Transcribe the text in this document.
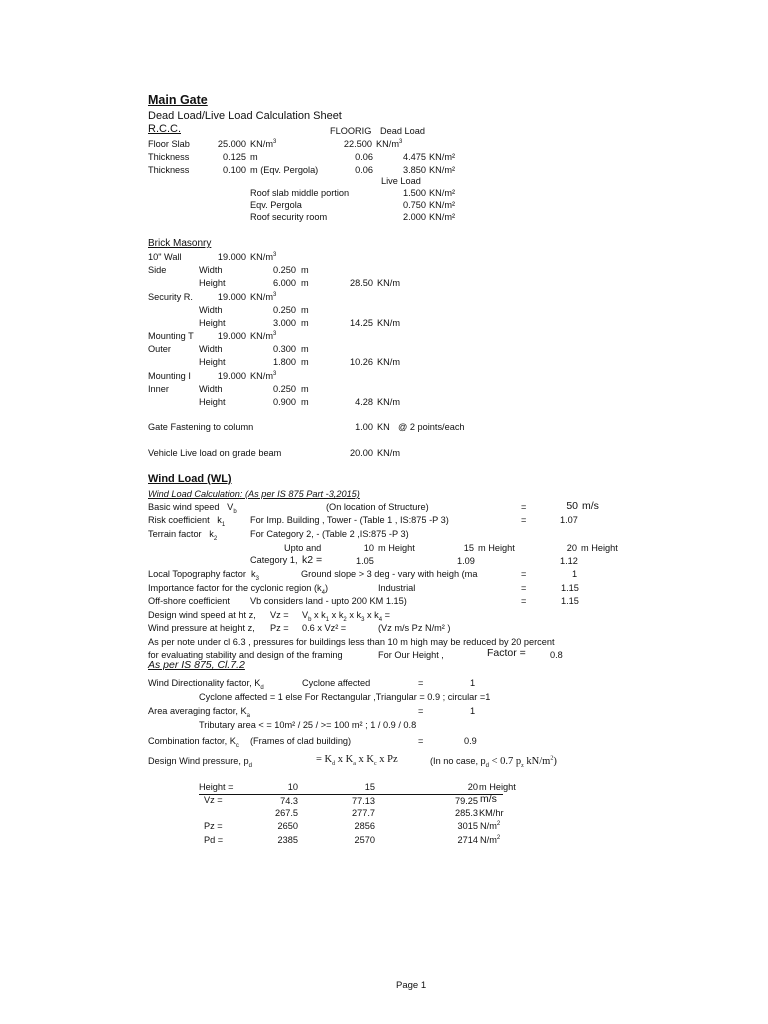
Main Gate
Dead Load/Live Load Calculation Sheet
R.C.C.	FLOORIG Dead Load
Floor Slab	25.000 $KN/m^3$	22.500 $KN/m^3$
Thickness	0.125 m	0.06	4.475 KN/m²
Thickness	0.100 m (Eqv. Pergola)	0.06	3.850 KN/m²
Live Load
Roof slab middle portion	1.500 KN/m²
Eqv. Pergola	0.750 KN/m²
Roof security room	2.000 KN/m²
Brick Masonry
10" Wall	19.000 $KN/m^3$
Side	Width	0.250 m
Height	6.000 m	28.50 KN/m
Security R.	19.000 $KN/m^3$
Width	0.250 m
Height	3.000 m	14.25 KN/m
Mounting T	19.000 $KN/m^3$
Outer	Width	0.300 m
Height	1.800 m	10.26 KN/m
Mounting I	19.000 $KN/m^3$
Inner	Width	0.250 m
Height	0.900 m	4.28 KN/m
Gate Fastening to column	1.00 KN @ 2 points/each
Vehicle Live load on grade beam	20.00 KN/m
Wind Load (WL)
Wind Load Calculation: (As per IS 875 Part -3,2015)
Basic wind speed $V_b$	(On location of Structure)	=	50 m/s
Risk coefficient $k_1$	For Imp. Building , Tower - (Table 1 , IS:875 -P 3)	=	1.07
Terrain factor $k_2$	For Category 2, - (Table 2 ,IS:875 -P 3)
Upto and	10 m Height	15 m Height	20 m Height
Category 1, k2 =	1.05	1.09	1.12
Local Topography factor $k_3$	Ground slope > 3 deg - vary with heigh (ma	=	1
Importance factor for the cyclonic region $(k_4)$	Industrial	=	1.15
Off-shore coefficient Vb considers land - upto 200 KM 1.15)	=	1.15
Design wind speed at ht z, $Vz = V_b$ x $k_1$ x $k_2$ x $k_3$ x $k_4$ =
Wind pressure at height z, Pz = 0.6 x Vz² =	(Vz m/s Pz N/m² )
As per note under cl 6.3 , pressures for buildings less than 10 m high may be reduced by 20 percent
for evaluating stability and design of the framing	For Our Height ,	Factor =	0.8
As per IS 875, Cl.7.2
Wind Directionality factor, $K_d$	Cyclone affected	=	1
Cyclone affected = 1 else For Rectangular ,Triangular = 0.9 ; circular =1
Area averaging factor, $K_a$	=	1
Tributary area < = 10m² / 25 / >= 100 m² ; 1 / 0.9 / 0.8
Combination factor, $K_c$ (Frames of clad building)	=	0.9
Design Wind pressure, $p_d$
= $K_d$ x $K_a$ x $K_c$ x Pz	(In no case, $p_d < 0.7$ $p_z$ $kN/m^2$)
Height =	10	15	20 m Height
Vz =	74.3	77.13	79.25 m/s
267.5	277.7	285.3 KM/hr
Pz =	2650	2856	3015 $N/m^2$
Pd =	2385	2570	2714 $N/m^2$
Page 1
